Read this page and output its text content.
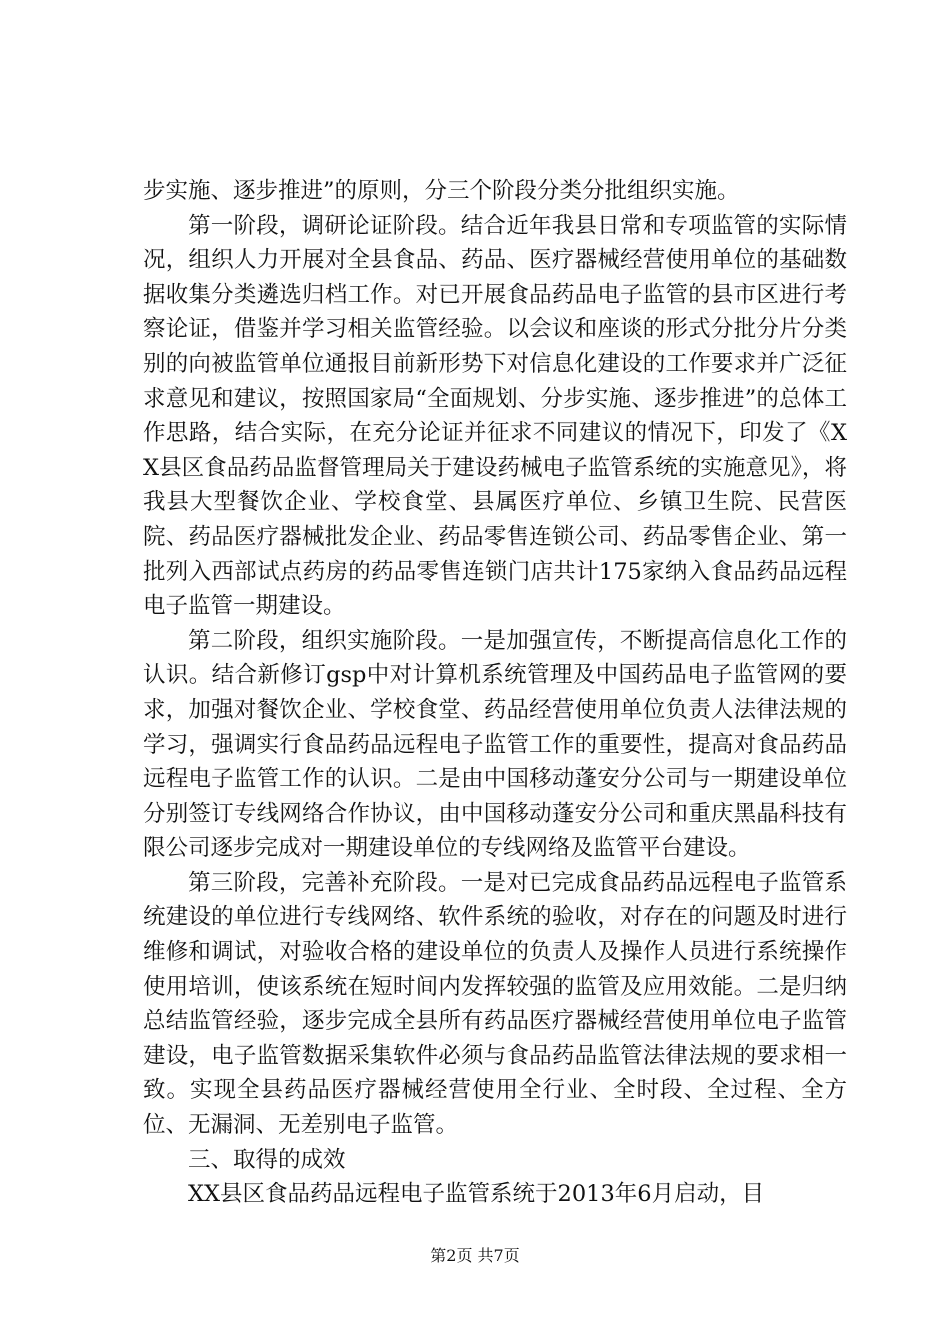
步实施、逐步推进”的原则，分三个阶段分类分批组织实施。

第一阶段，调研论证阶段。结合近年我县日常和专项监管的实际情况，组织人力开展对全县食品、药品、医疗器械经营使用单位的基础数据收集分类遴选归档工作。对已开展食品药品电子监管的县市区进行考察论证，借鉴并学习相关监管经验。以会议和座谈的形式分批分片分类别的向被监管单位通报目前新形势下对信息化建设的工作要求并广泛征求意见和建议，按照国家局“全面规划、分步实施、逐步推进”的总体工作思路，结合实际，在充分论证并征求不同建议的情况下，印发了《XX县区食品药品监督管理局关于建设药械电子监管系统的实施意见》，将我县大型餐饮企业、学校食堂、县属医疗单位、乡镇卫生院、民营医院、药品医疗器械批发企业、药品零售连锁公司、药品零售企业、第一批列入西部试点药房的药品零售连锁门店共计175家纳入食品药品远程电子监管一期建设。

第二阶段，组织实施阶段。一是加强宣传，不断提高信息化工作的认识。结合新修订gsp中对计算机系统管理及中国药品电子监管网的要求，加强对餐饮企业、学校食堂、药品经营使用单位负责人法律法规的学习，强调实行食品药品远程电子监管工作的重要性，提高对食品药品远程电子监管工作的认识。二是由中国移动蓬安分公司与一期建设单位分别签订专线网络合作协议，由中国移动蓬安分公司和重庆黑晶科技有限公司逐步完成对一期建设单位的专线网络及监管平台建设。

第三阶段，完善补充阶段。一是对已完成食品药品远程电子监管系统建设的单位进行专线网络、软件系统的验收，对存在的问题及时进行维修和调试，对验收合格的建设单位的负责人及操作人员进行系统操作使用培训，使该系统在短时间内发挥较强的监管及应用效能。二是归纳总结监管经验，逐步完成全县所有药品医疗器械经营使用单位电子监管建设，电子监管数据采集软件必须与食品药品监管法律法规的要求相一致。实现全县药品医疗器械经营使用全行业、全时段、全过程、全方位、无漏洞、无差别电子监管。

三、取得的成效

XX县区食品药品远程电子监管系统于2013年6月启动，目

第2页 共7页
